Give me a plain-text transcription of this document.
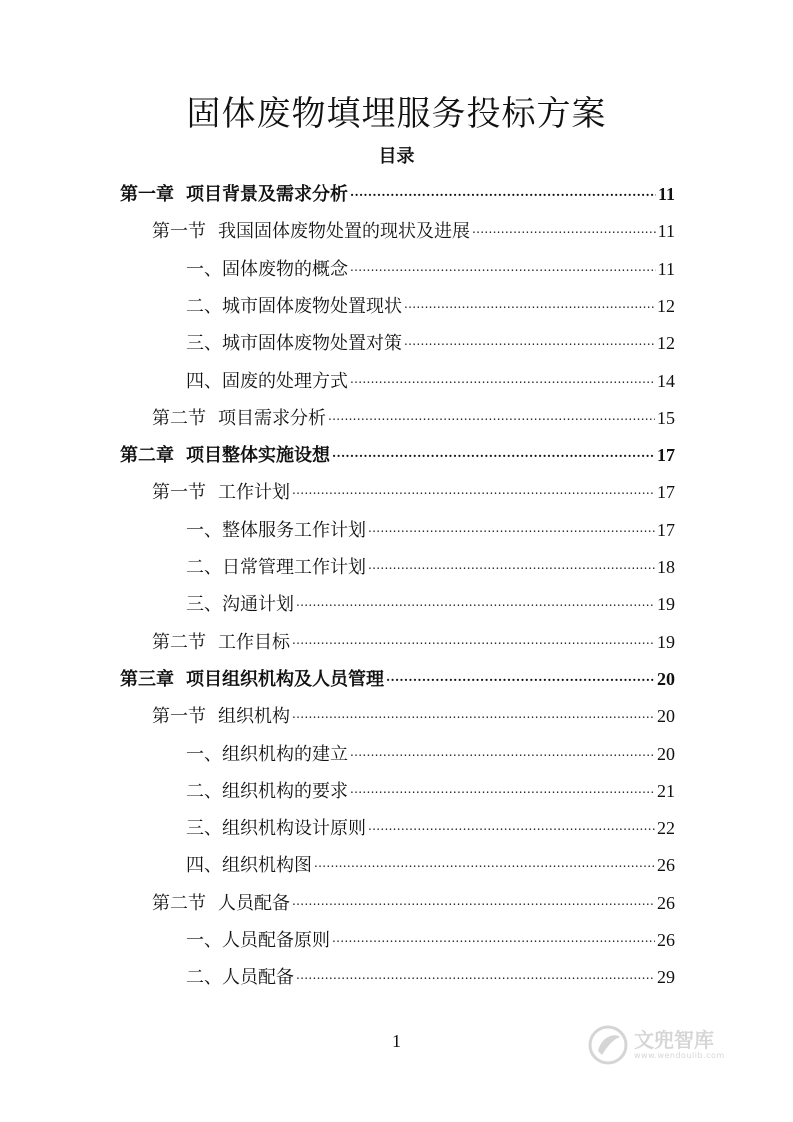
固体废物填埋服务投标方案
目录
第一章 项目背景及需求分析 .....	11
第一节 我国固体废物处置的现状及进展 .....	11
一、 固体废物的概念 .....	11
二、 城市固体废物处置现状 .....	12
三、 城市固体废物处置对策 .....	12
四、 固废的处理方式 .....	14
第二节 项目需求分析 .....	15
第二章 项目整体实施设想 .....	17
第一节 工作计划 .....	17
一、 整体服务工作计划 .....	17
二、 日常管理工作计划 .....	18
三、 沟通计划 .....	19
第二节 工作目标 .....	19
第三章 项目组织机构及人员管理 .....	20
第一节 组织机构 .....	20
一、 组织机构的建立 .....	20
二、 组织机构的要求 .....	21
三、 组织机构设计原则 .....	22
四、 组织机构图 .....	26
第二节 人员配备 .....	26
一、 人员配备原则 .....	26
二、 人员配备 .....	29
1	文兜智库
www.wendoulib.com
